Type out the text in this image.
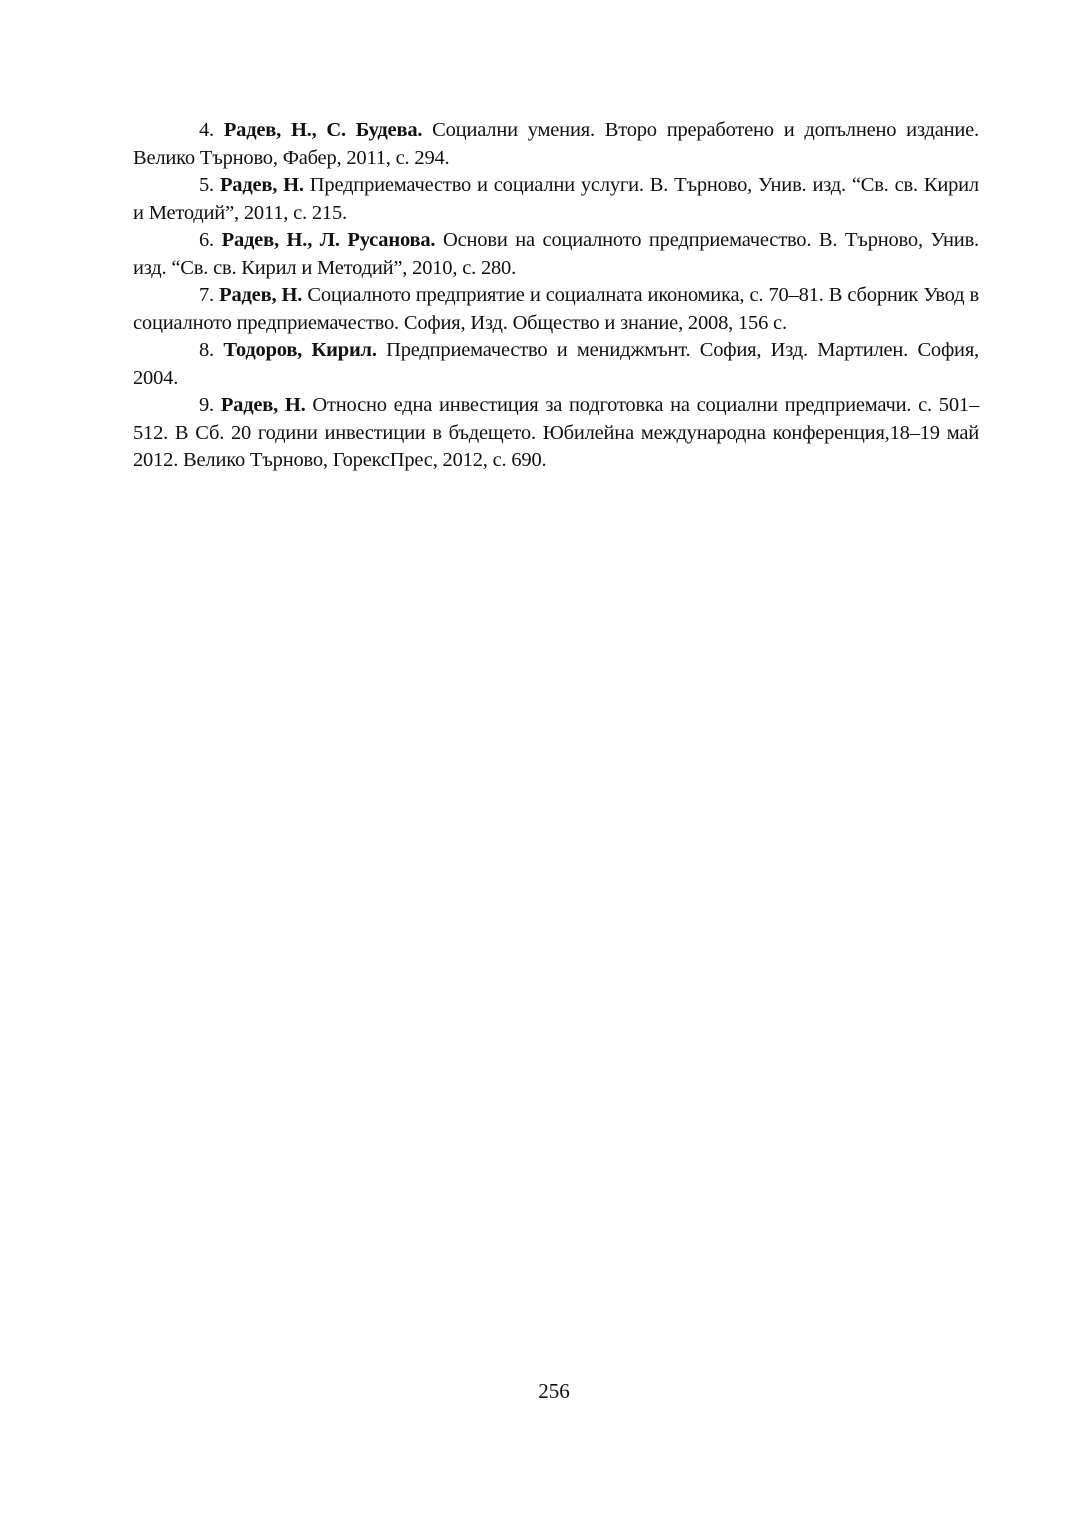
4. Радев, Н., С. Будева. Социални умения. Второ преработено и допълнено издание. Велико Търново, Фабер, 2011, с. 294.

5. Радев, Н. Предприемачество и социални услуги. В. Търново, Унив. изд. “Св. св. Кирил и Методий”, 2011, с. 215.

6. Радев, Н., Л. Русанова. Основи на социалното предприемачество. В. Търново, Унив. изд. “Св. св. Кирил и Методий”, 2010, с. 280.

7. Радев, Н. Социалното предприятие и социалната икономика, с. 70–81. В сборник Увод в социалното предприемачество. София, Изд. Общество и знание, 2008, 156 с.

8. Тодоров, Кирил. Предприемачество и мениджмънт. София, Изд. Мартилен. София, 2004.

9. Радев, Н. Относно една инвестиция за подготовка на социални предприемачи. с. 501–512. В Сб. 20 години инвестиции в бъдещето. Юбилейна международна конференция,18–19 май 2012. Велико Търново, ГорексПрес, 2012, с. 690.

256
